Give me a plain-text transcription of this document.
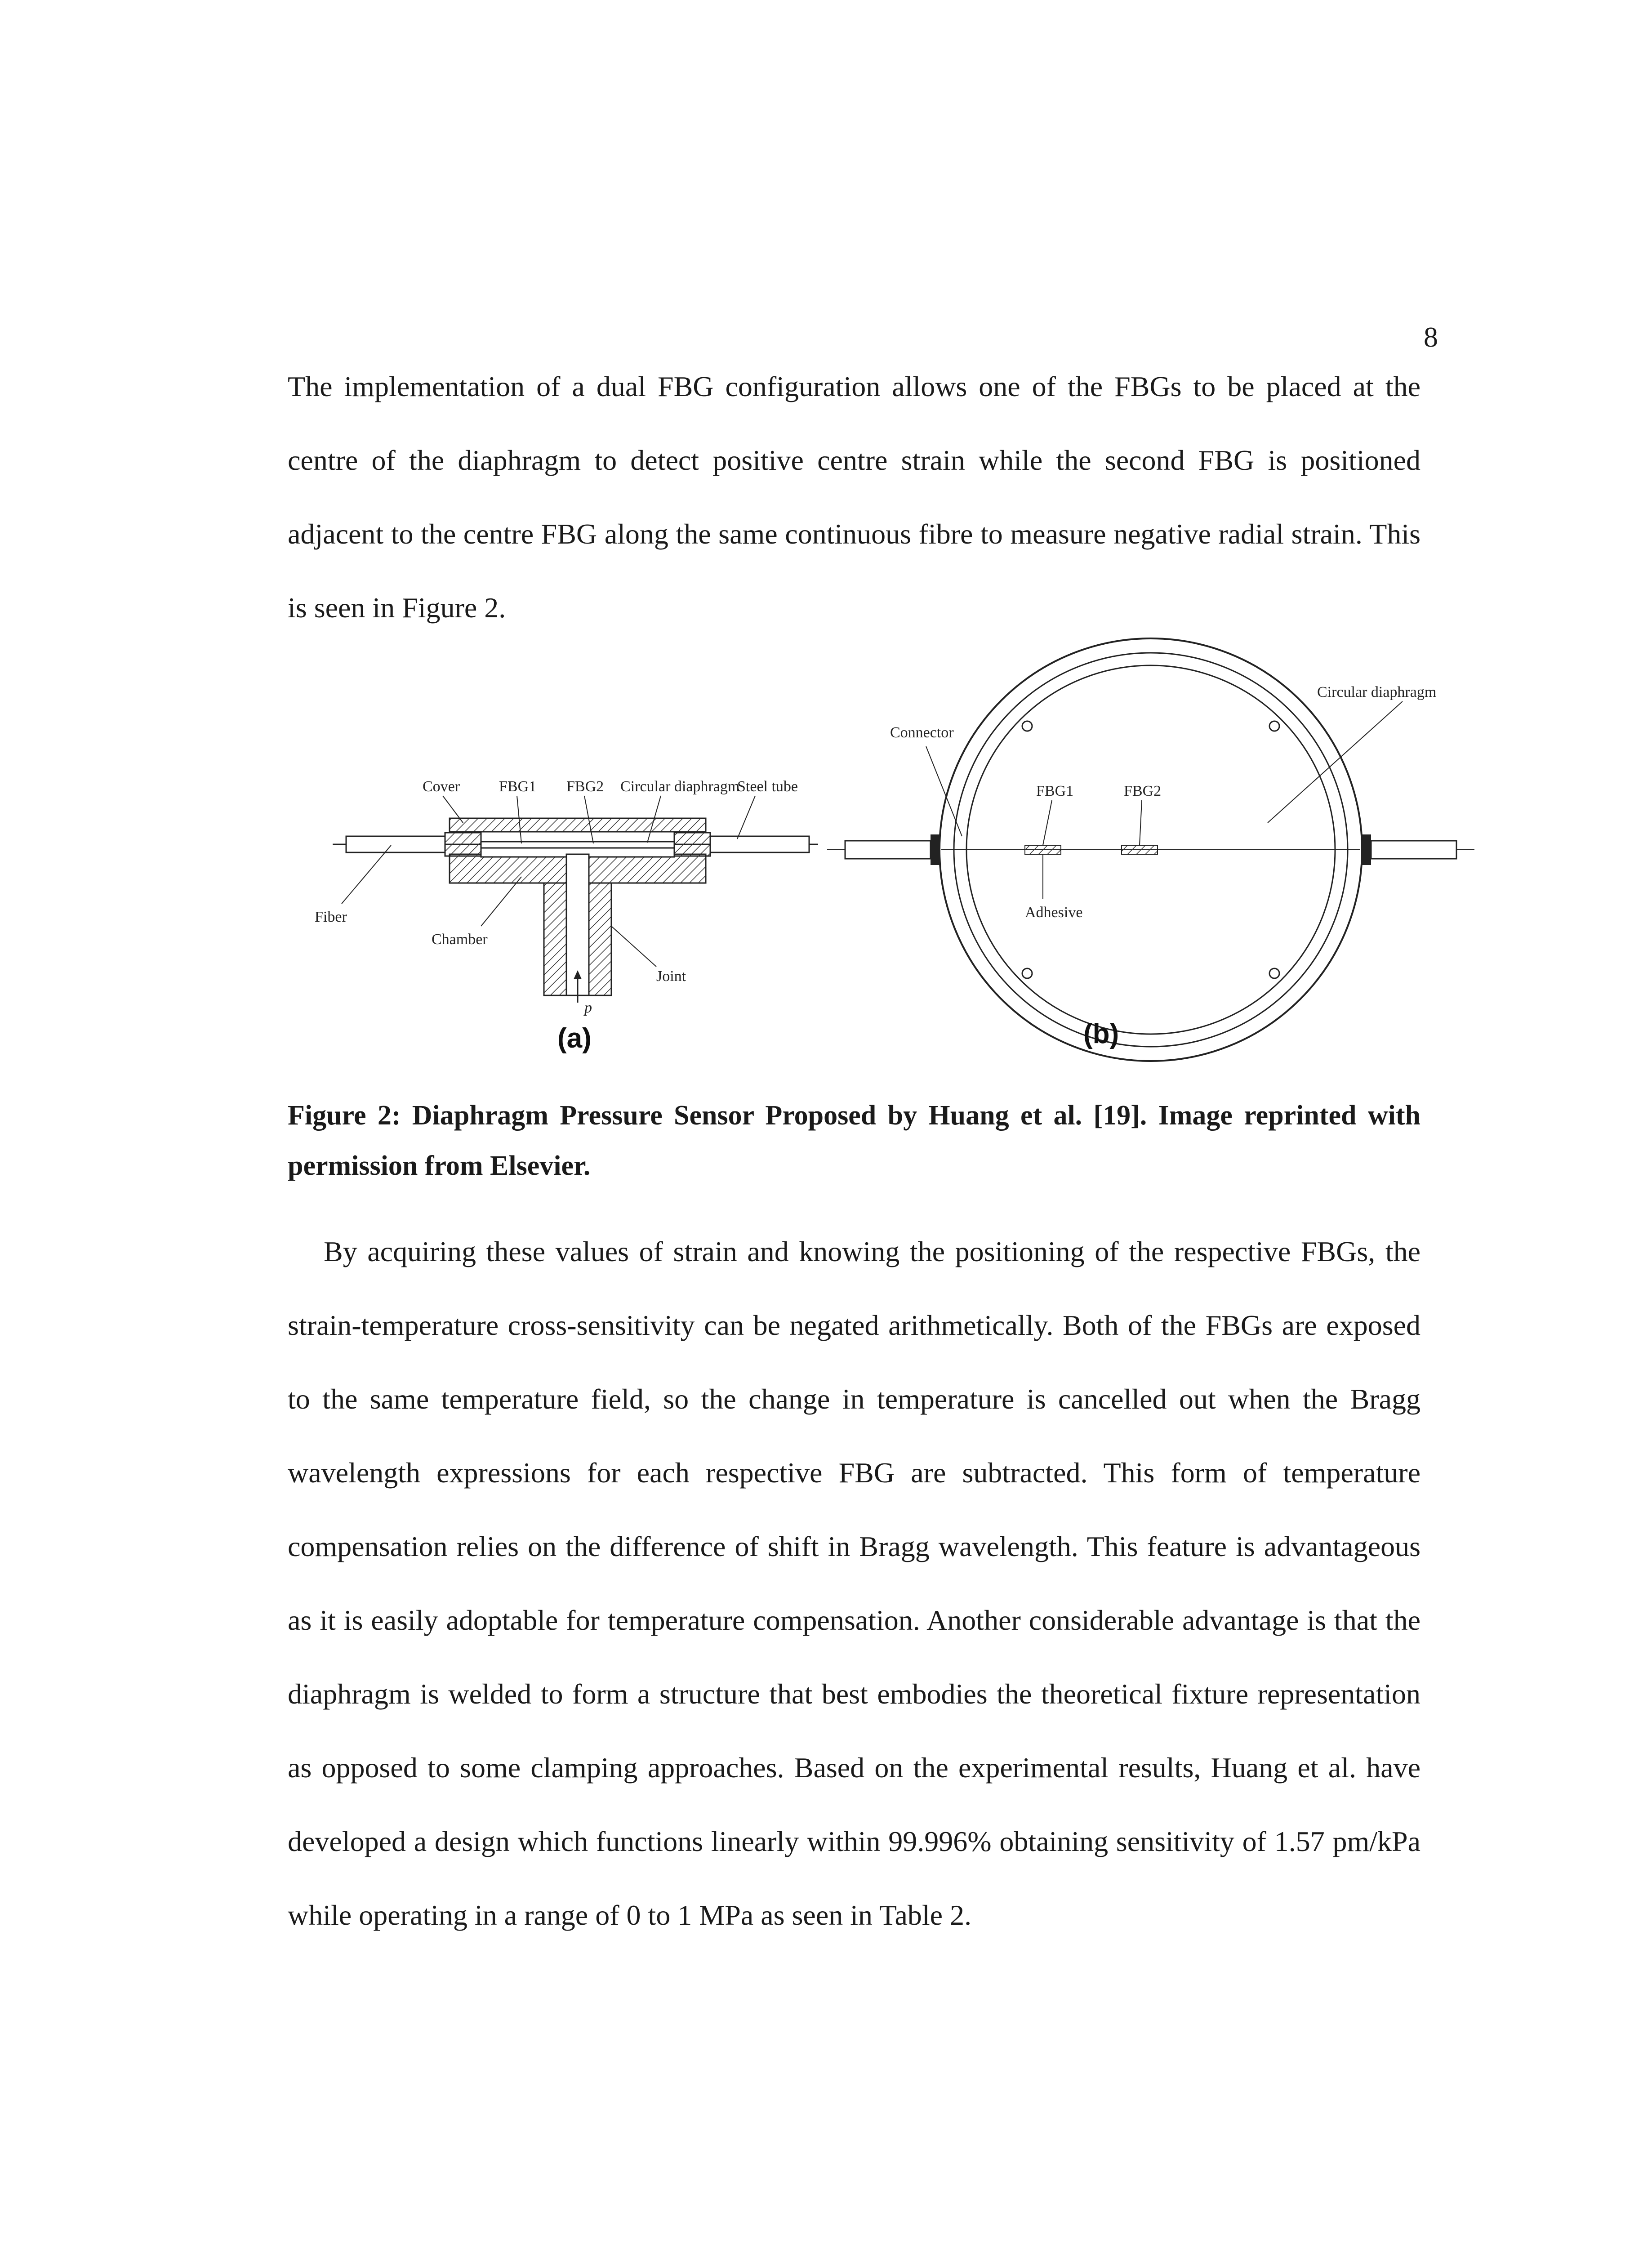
8

The implementation of a dual FBG configuration allows one of the FBGs to be placed at the centre of the diaphragm to detect positive centre strain while the second FBG is positioned adjacent to the centre FBG along the same continuous fibre to measure negative radial strain. This is seen in Figure 2.

Cover	FBG1 FBG2 Circular diaphragm
Steel tube
Fiber
Chamber
Joint
p
(a)
Connector
Circular diaphragm
FBG1	FBG2
Adhesive
(b)

Figure 2: Diaphragm Pressure Sensor Proposed by Huang et al. [19]. Image reprinted with permission from Elsevier.

By acquiring these values of strain and knowing the positioning of the respective FBGs, the strain-temperature cross-sensitivity can be negated arithmetically. Both of the FBGs are exposed to the same temperature field, so the change in temperature is cancelled out when the Bragg wavelength expressions for each respective FBG are subtracted. This form of temperature compensation relies on the difference of shift in Bragg wavelength. This feature is advantageous as it is easily adoptable for temperature compensation. Another considerable advantage is that the diaphragm is welded to form a structure that best embodies the theoretical fixture representation as opposed to some clamping approaches. Based on the experimental results, Huang et al. have developed a design which functions linearly within 99.996% obtaining sensitivity of 1.57 pm/kPa while operating in a range of 0 to 1 MPa as seen in Table 2.
